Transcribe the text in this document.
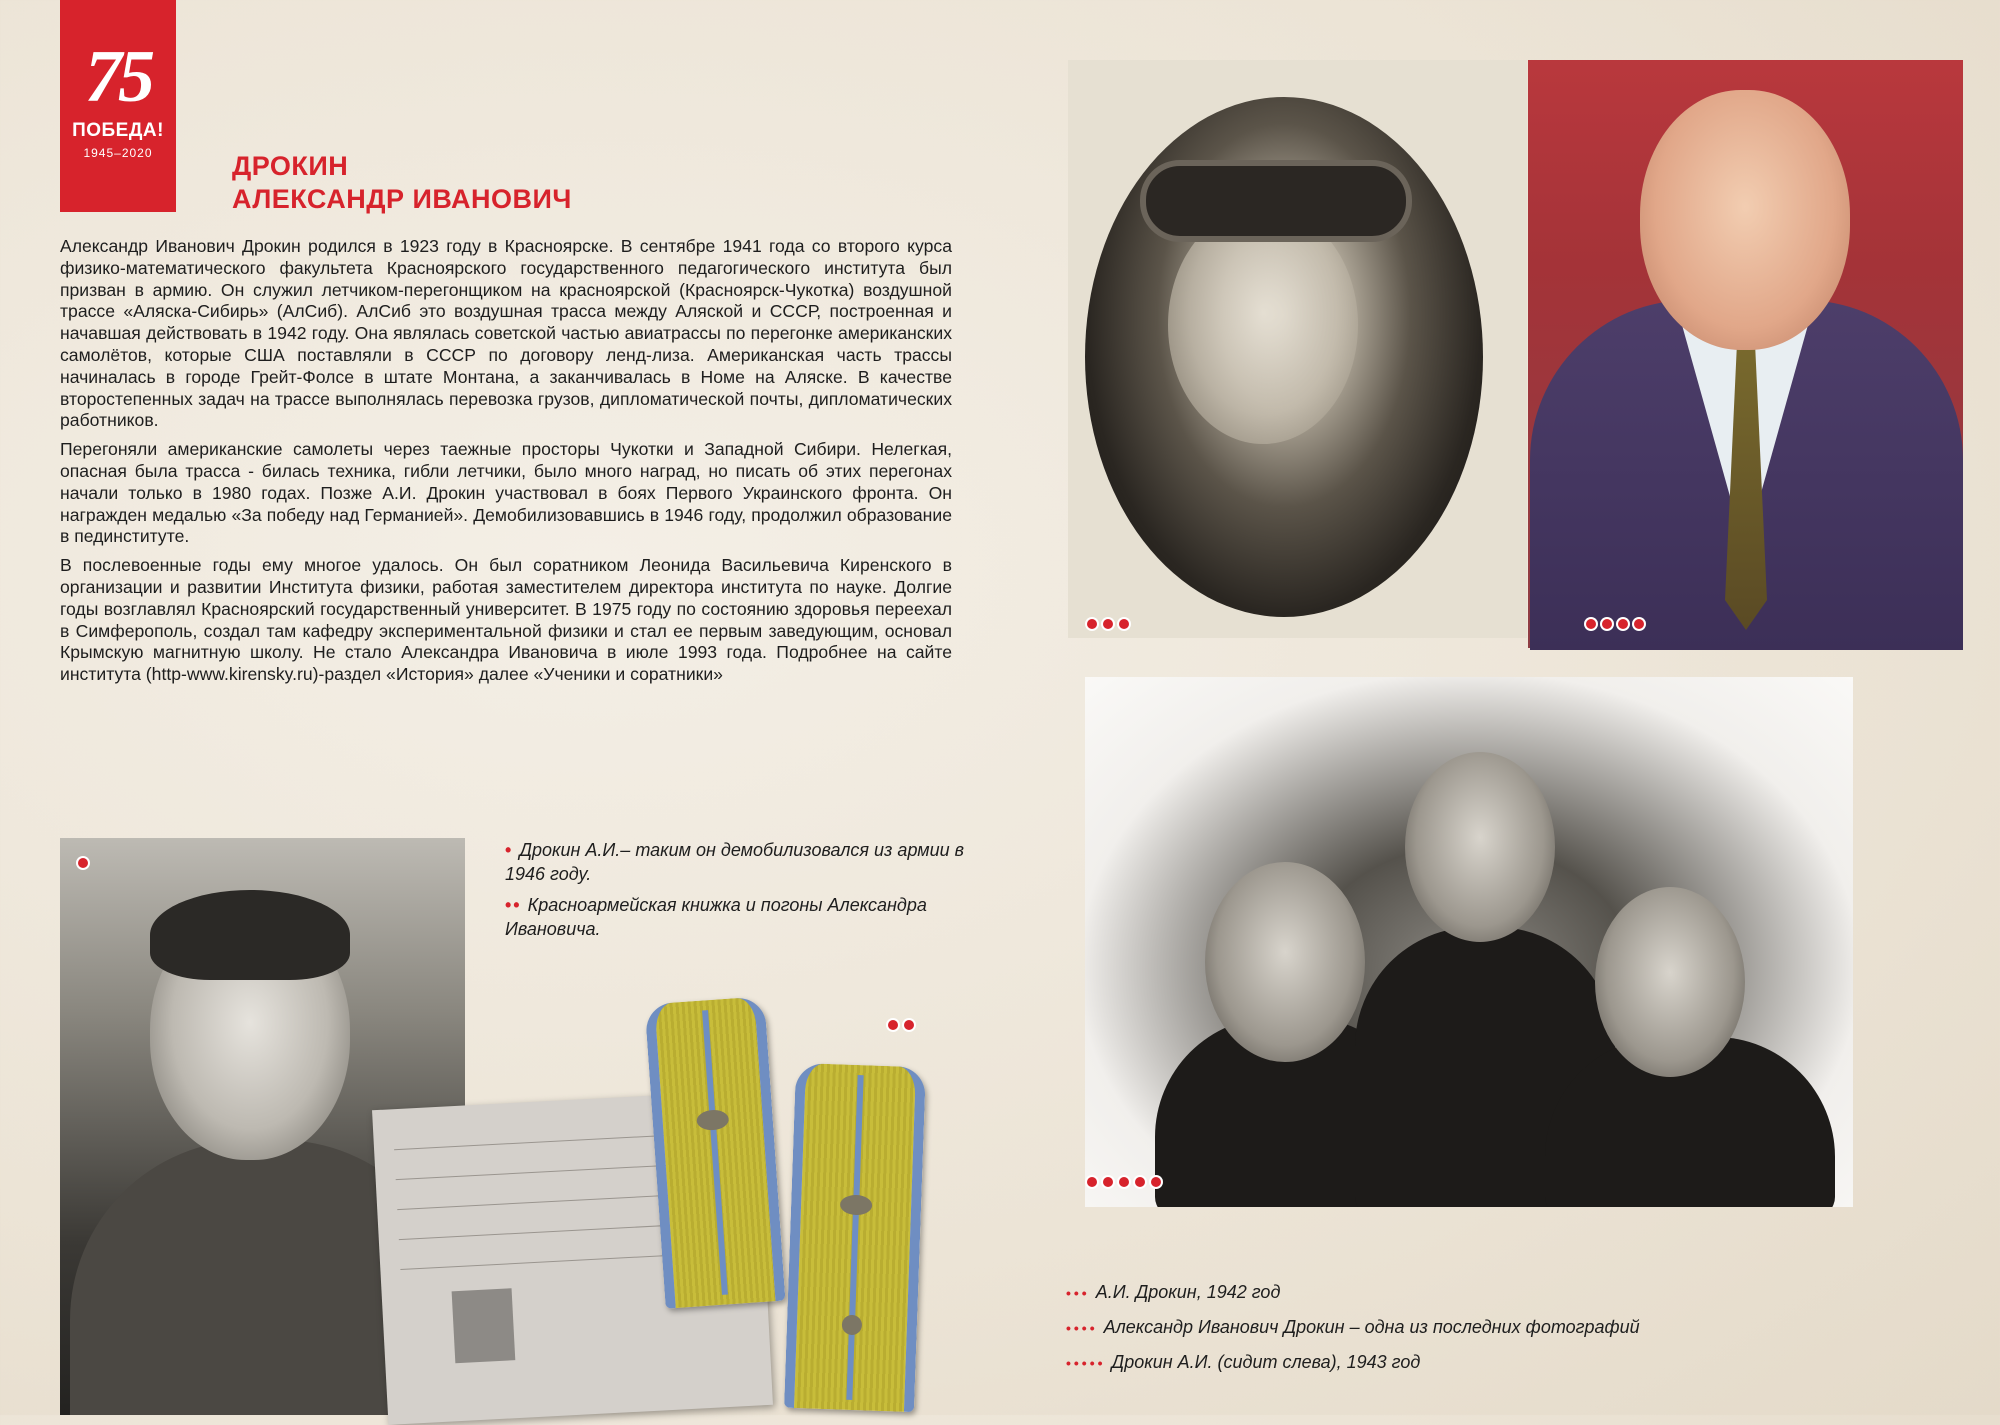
75
ПОБЕДА!
1945–2020	ДРОКИН
АЛЕКСАНДР ИВАНОВИЧ

Александр Иванович Дрокин родился в 1923 году в Красноярске. В сентябре 1941 года со второго курса физико-математического факультета Красноярского государственного педагогического института был призван в армию. Он служил летчиком-перегонщиком на красноярской (Красноярск-Чукотка) воздушной трассе «Аляска-Сибирь» (АлСиб). АлСиб это воздушная трасса между Аляской и СССР, построенная и начавшая действовать в 1942 году. Она являлась советской частью авиатрассы по перегонке американских самолётов, которые США поставляли в СССР по договору ленд-лиза. Американская часть трассы начиналась в городе Грейт-Фолсе в штате Монтана, а заканчивалась в Номе на Аляске. В качестве второстепенных задач на трассе выполнялась перевозка грузов, дипломатической почты, дипломатических работников.

Перегоняли американские самолеты через таежные просторы Чукотки и Западной Сибири. Нелегкая, опасная была трасса - билась техника, гибли летчики, было много наград, но писать об этих перегонах начали только в 1980 годах. Позже А.И. Дрокин участвовал в боях Первого Украинского фронта. Он награжден медалью «За победу над Германией». Демобилизовавшись в 1946 году, продолжил образование в пединституте.

В послевоенные годы ему многое удалось. Он был соратником Леонида Васильевича Киренского в организации и развитии Института физики, работая заместителем директора института по науке. Долгие годы возглавлял Красноярский государственный университет. В 1975 году по состоянию здоровья переехал в Симферополь, создал там кафедру экспериментальной физики и стал ее первым заведующим, основал Крымскую магнитную школу. Не стало Александра Ивановича в июле 1993 года. Подробнее на сайте института (http-www.kirensky.ru)-раздел «История» далее «Ученики и соратники»

• Дрокин А.И.– таким он демобилизовался из армии в 1946 году.
•• Красноармейская книжка и погоны Александра Ивановича.
••• А.И. Дрокин, 1942 год
•••• Александр Иванович Дрокин – одна из последних фотографий
••••• Дрокин А.И. (сидит слева), 1943 год
